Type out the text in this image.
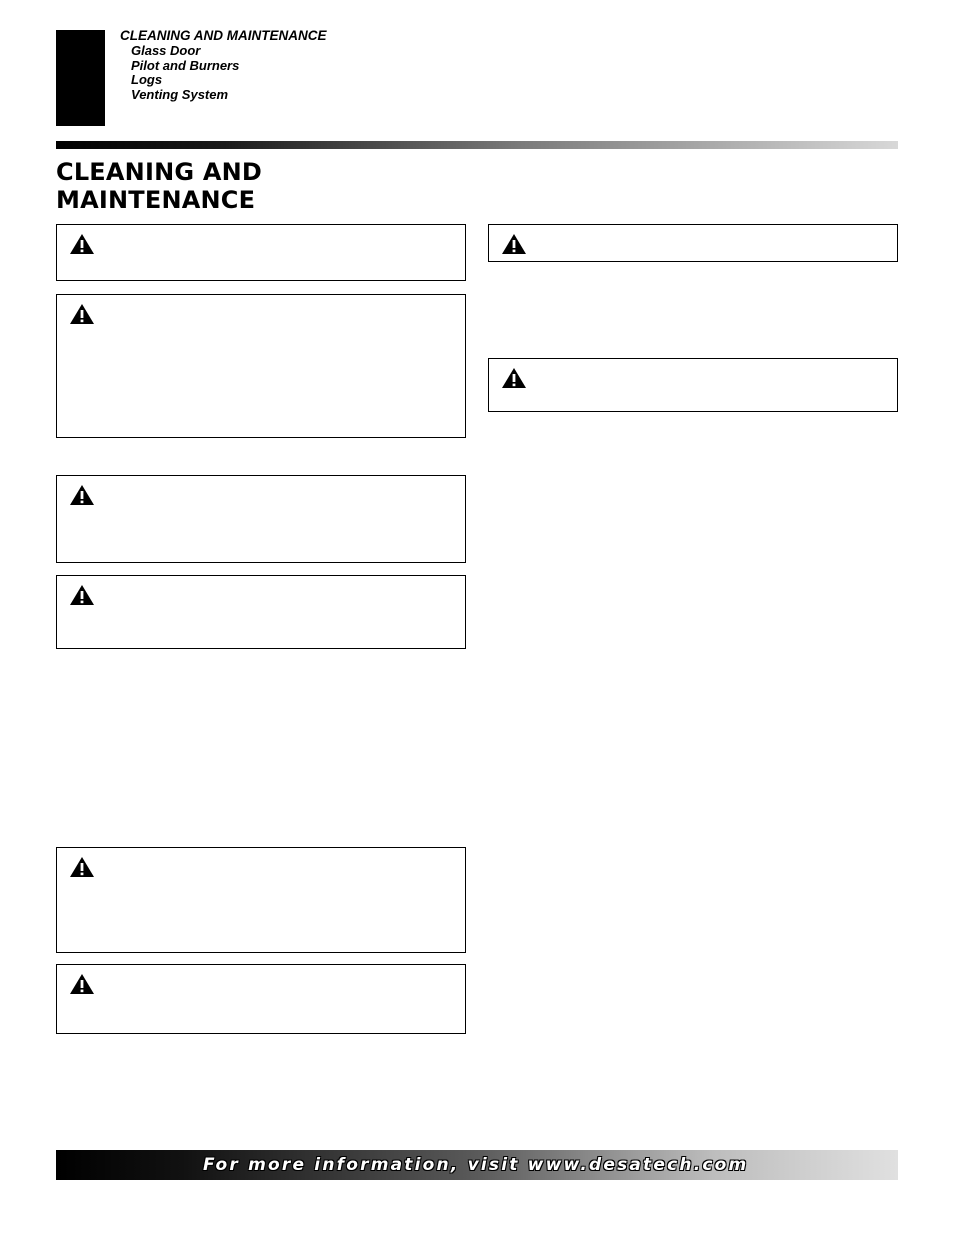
CLEANING AND MAINTENANCE
Glass Door
Pilot and Burners
Logs
Venting System
CLEANING AND
MAINTENANCE
For more information, visit www.desatech.com
